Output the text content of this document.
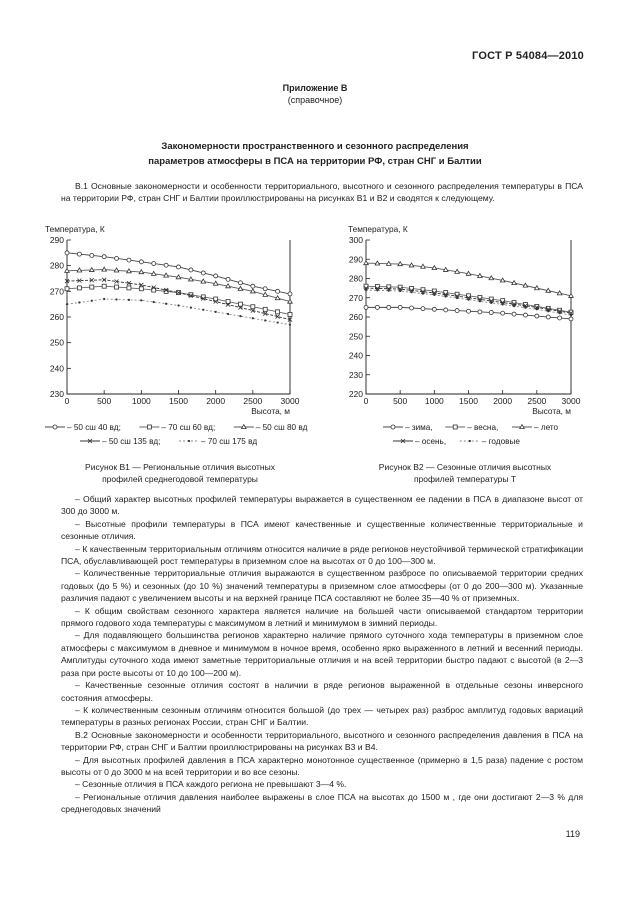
ГОСТ Р 54084—2010
Приложение В
(справочное)
Закономерности пространственного и сезонного распределения
параметров атмосферы в ПСА на территории РФ, стран СНГ и Балтии
В.1 Основные закономерности и особенности территориального, высотного и сезонного распределения температуры в ПСА на территории РФ, стран СНГ и Балтии проиллюстрированы на рисунках В1 и В2 и сводятся к следующему.
Температура, К
230
240
250
260
270
280
290
0	500 1000 1500 2000 2500 3000
Высота, м
– 50 сш 40 вд;	– 70 сш 60 вд;	– 50 сш 80 вд
– 50 сш 135 вд;	– 70 сш 175 вд
Температура, К
220
230
240
250
260
270
280
290
300
0	500 1000 1500 2000 2500 3000
Высота, м
– зима,	– весна,	– лето
– осень,	– годовые
Рисунок В1 — Региональные отличия высотных
профилей среднегодовой температуры
Рисунок В2 — Сезонные отличия высотных
профилей температуры Т
– Общий характер высотных профилей температуры выражается в существенном ее падении в ПСА в диапазоне высот от 300 до 3000 м.
– Высотные профили температуры в ПСА имеют качественные и существенные количественные территориальные и сезонные отличия.
– К качественным территориальным отличиям относится наличие в ряде регионов неустойчивой термической стратификации ПСА, обуславливающей рост температуры в приземном слое на высотах от 0 до 100—300 м.
– Количественные территориальные отличия выражаются в существенном разбросе по описываемой территории средних годовых (до 5 %) и сезонных (до 10 %) значений температуры в приземном слое атмосферы (от 0 до 200—300 м). Указанные различия падают с увеличением высоты и на верхней границе ПСА составляют не более 35—40 % от приземных.
– К общим свойствам сезонного характера является наличие на большей части описываемой стандартом территории прямого годового хода температуры с максимумом в летний и минимумом в зимний периоды.
– Для подавляющего большинства регионов характерно наличие прямого суточного хода температуры в приземном слое атмосферы с максимумом в дневное и минимумом в ночное время, особенно ярко выраженного в летний и весенний периоды. Амплитуды суточного хода имеют заметные территориальные отличия и на всей территории быстро падают с высотой (в 2—3 раза при росте высоты от 10 до 100—200 м).
– Качественные сезонные отличия состоят в наличии в ряде регионов выраженной в отдельные сезоны инверсного состояния атмосферы.
– К количественным сезонным отличиям относится большой (до трех — четырех раз) разброс амплитуд годовых вариаций температуры в разных регионах России, стран СНГ и Балтии.
В.2 Основные закономерности и особенности территориального, высотного и сезонного распределения давления в ПСА на территории РФ, стран СНГ и Балтии проиллюстрированы на рисунках В3 и В4.
– Для высотных профилей давления в ПСА характерно монотонное существенное (примерно в 1,5 раза) падение с ростом высоты от 0 до 3000 м на всей территории и во все сезоны.
– Сезонные отличия в ПСА каждого региона не превышают 3—4 %.
– Региональные отличия давления наиболее выражены в слое ПСА на высотах до 1500 м , где они достигают 2—3 % для среднегодовых значений
119
